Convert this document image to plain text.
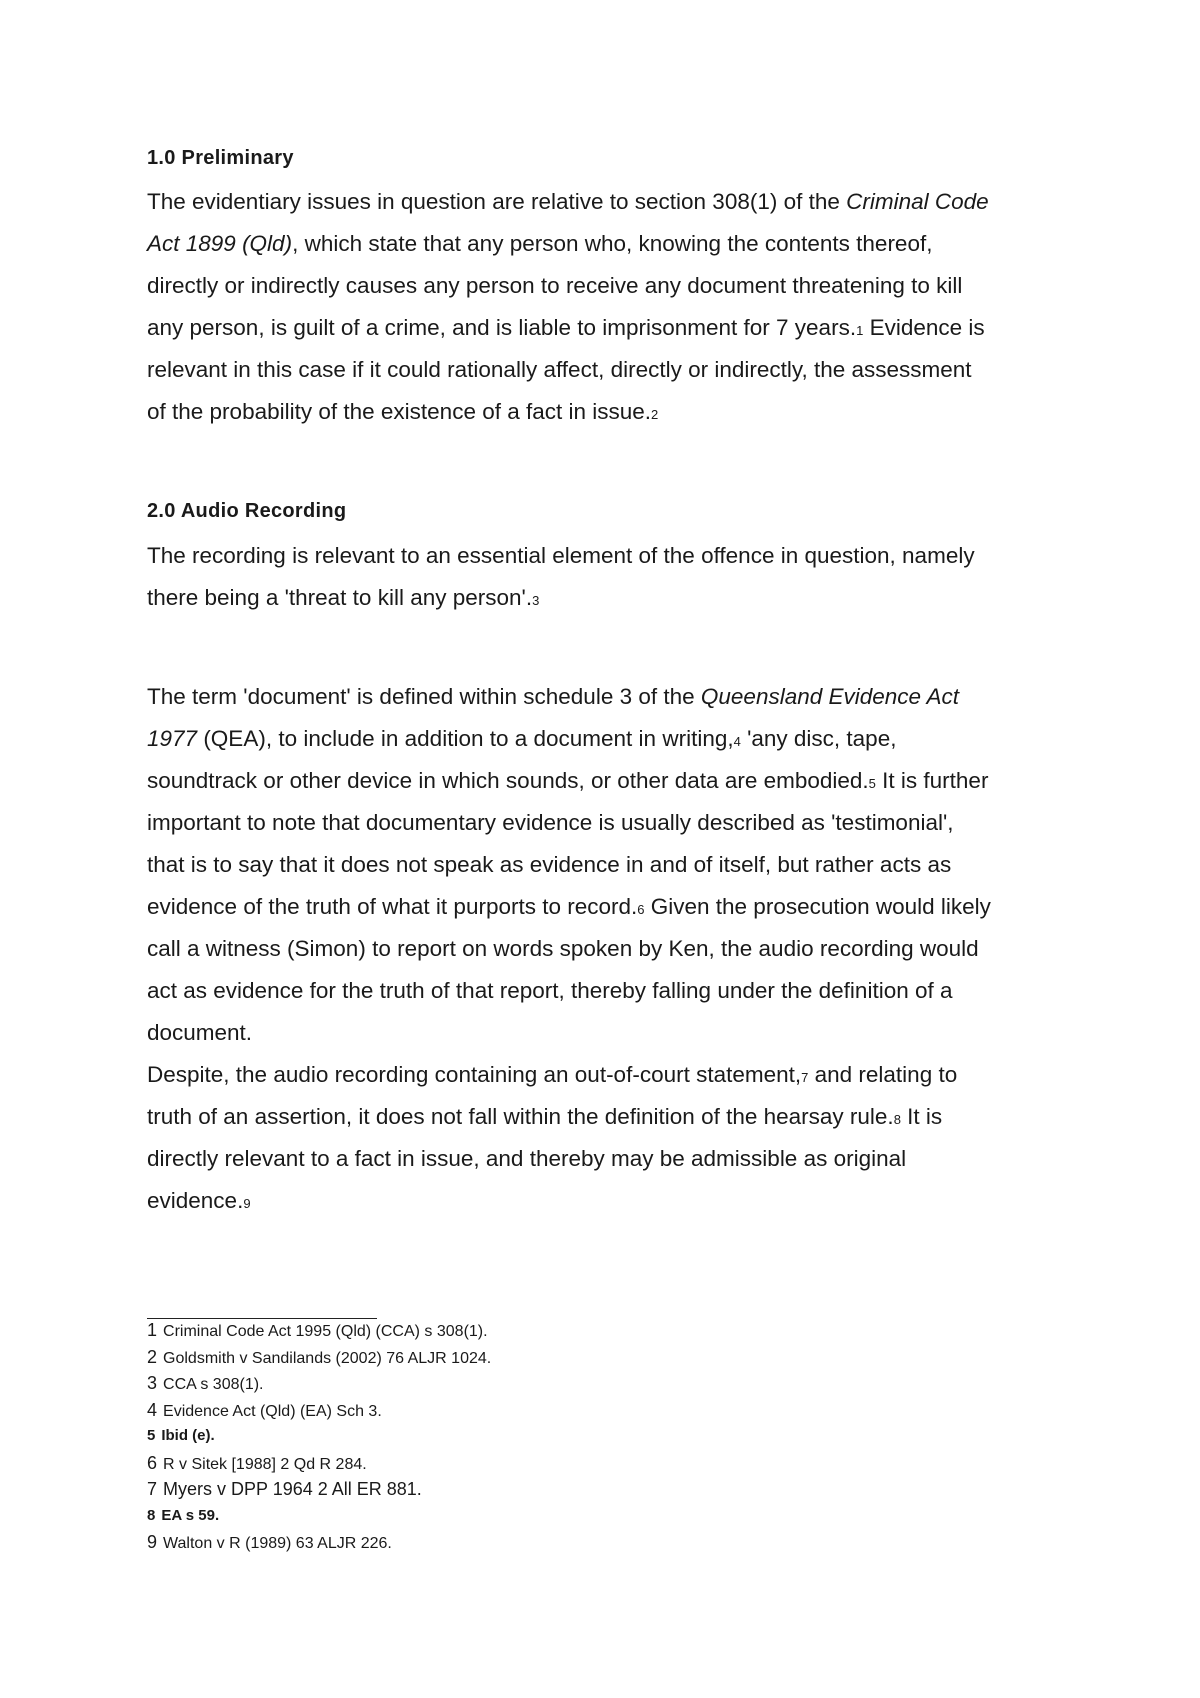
1.0 Preliminary
The evidentiary issues in question are relative to section 308(1) of the Criminal Code
Act 1899 (Qld) , which state that any person who, knowing the contents thereof,
directly or indirectly causes any person to receive any document threatening to kill
any person, is guilt of a crime, and is liable to imprisonment for 7 years. 1 Evidence is
relevant in this case if it could rationally affect, directly or indirectly, the assessment
of the probability of the existence of a fact in issue. 2
2.0 Audio Recording
The recording is relevant to an essential element of the offence in question, namely
there being a 'threat to kill any person'. 3
The term 'document' is defined within schedule 3 of the Queensland Evidence Act
1977 (QEA), to include in addition to a document in writing, 4 'any disc, tape,
soundtrack or other device in which sounds, or other data are embodied. 5 It is further
important to note that documentary evidence is usually described as 'testimonial',
that is to say that it does not speak as evidence in and of itself, but rather acts as
evidence of the truth of what it purports to record. 6 Given the prosecution would likely
call a witness (Simon) to report on words spoken by Ken, the audio recording would
act as evidence for the truth of that report, thereby falling under the definition of a
document.
Despite, the audio recording containing an out-of-court statement, 7 and relating to
truth of an assertion, it does not fall within the definition of the hearsay rule. 8 It is
directly relevant to a fact in issue, and thereby may be admissible as original
evidence. 9
1 Criminal Code Act 1995 (Qld) (CCA) s 308(1).
2 Goldsmith v Sandilands (2002) 76 ALJR 1024.
3 CCA s 308(1).
4 Evidence Act (Qld) (EA) Sch 3.
5 Ibid (e).
6 R v Sitek [1988] 2 Qd R 284.
7 Myers v DPP 1964 2 All ER 881.
8 EA s 59.
9 Walton v R (1989) 63 ALJR 226.
